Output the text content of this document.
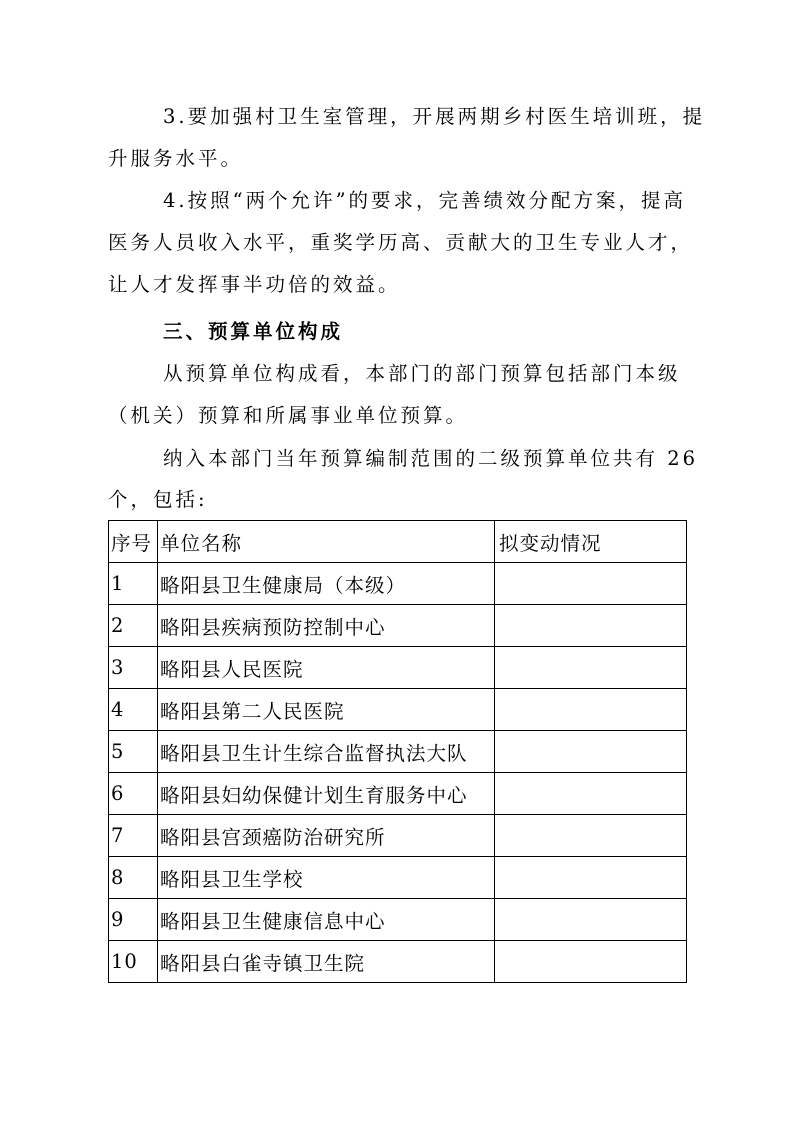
3.要加强村卫生室管理，开展两期乡村医生培训班，提
升服务水平。
4.按照“两个允许”的要求，完善绩效分配方案，提高
医务人员收入水平，重奖学历高、贡献大的卫生专业人才，
让人才发挥事半功倍的效益。
三、预算单位构成
从预算单位构成看，本部门的部门预算包括部门本级
（机关）预算和所属事业单位预算。
纳入本部门当年预算编制范围的二级预算单位共有 26
个，包括:
序号	单位名称	拟变动情况
1	略阳县卫生健康局（本级）	
2	略阳县疾病预防控制中心	
3	略阳县人民医院	
4	略阳县第二人民医院	
5	略阳县卫生计生综合监督执法大队	
6	略阳县妇幼保健计划生育服务中心	
7	略阳县宫颈癌防治研究所	
8	略阳县卫生学校	
9	略阳县卫生健康信息中心	
10	略阳县白雀寺镇卫生院	
